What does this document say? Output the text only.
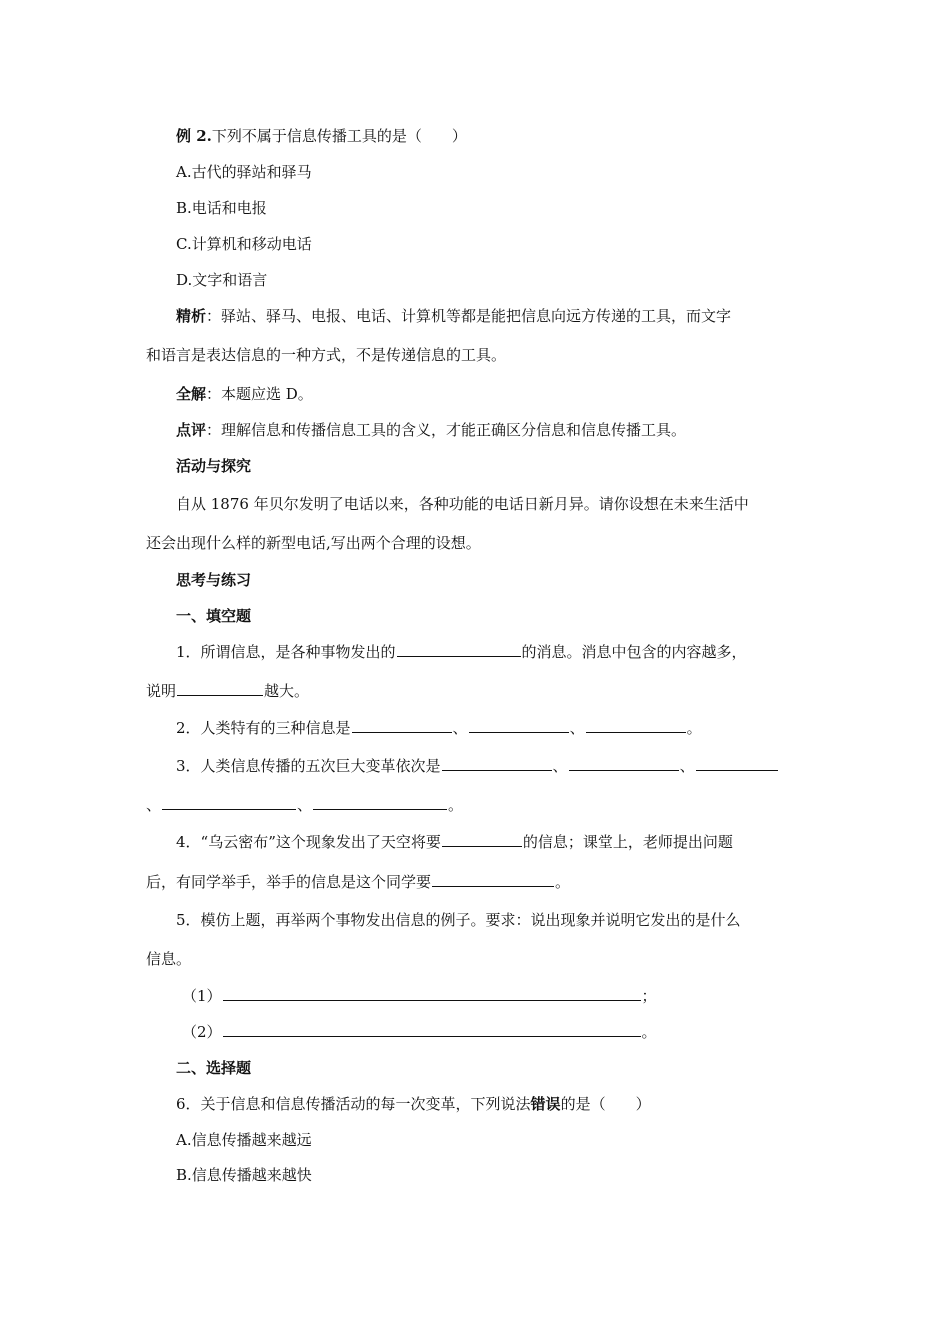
例 2.下列不属于信息传播工具的是（　　）
A.古代的驿站和驿马
B.电话和电报
C.计算机和移动电话
D.文字和语言
精析：驿站、驿马、电报、电话、计算机等都是能把信息向远方传递的工具，而文字
和语言是表达信息的一种方式，不是传递信息的工具。
全解：本题应选 D。
点评：理解信息和传播信息工具的含义，才能正确区分信息和信息传播工具。
活动与探究
自从 1876 年贝尔发明了电话以来，各种功能的电话日新月异。请你设想在未来生活中
还会出现什么样的新型电话,写出两个合理的设想。
思考与练习
一、填空题
1．所谓信息，是各种事物发出的	的消息。消息中包含的内容越多，
说明	越大。
2．人类特有的三种信息是	、	、	。
3．人类信息传播的五次巨大变革依次是	、	、
、	、	。
4．“乌云密布”这个现象发出了天空将要	的信息；课堂上，老师提出问题
后，有同学举手，举手的信息是这个同学要	。
5．模仿上题，再举两个事物发出信息的例子。要求：说出现象并说明它发出的是什么
信息。
（1）	；
（2）	。
二、选择题
6．关于信息和信息传播活动的每一次变革，下列说法错误的是（　　）
A.信息传播越来越远
B.信息传播越来越快
